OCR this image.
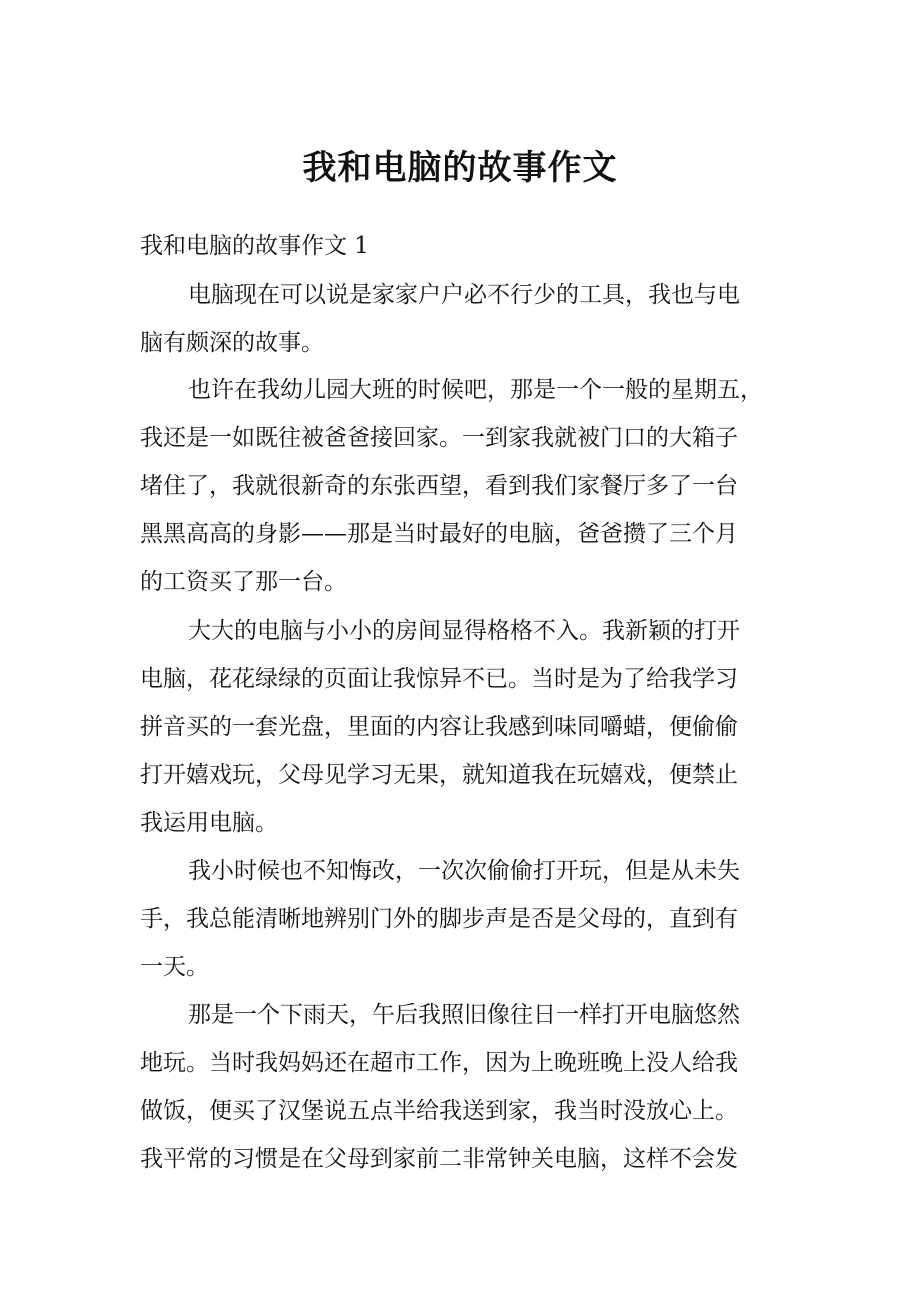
我和电脑的故事作文
我和电脑的故事作文 1
电脑现在可以说是家家户户必不行少的工具，我也与电
脑有颇深的故事。
也许在我幼儿园大班的时候吧，那是一个一般的星期五，
我还是一如既往被爸爸接回家。一到家我就被门口的大箱子
堵住了，我就很新奇的东张西望，看到我们家餐厅多了一台
黑黑高高的身影——那是当时最好的电脑，爸爸攒了三个月
的工资买了那一台。
大大的电脑与小小的房间显得格格不入。我新颖的打开
电脑，花花绿绿的页面让我惊异不已。当时是为了给我学习
拼音买的一套光盘，里面的内容让我感到味同嚼蜡，便偷偷
打开嬉戏玩，父母见学习无果，就知道我在玩嬉戏，便禁止
我运用电脑。
我小时候也不知悔改，一次次偷偷打开玩，但是从未失
手，我总能清晰地辨别门外的脚步声是否是父母的，直到有
一天。
那是一个下雨天，午后我照旧像往日一样打开电脑悠然
地玩。当时我妈妈还在超市工作，因为上晚班晚上没人给我
做饭，便买了汉堡说五点半给我送到家，我当时没放心上。
我平常的习惯是在父母到家前二非常钟关电脑，这样不会发
